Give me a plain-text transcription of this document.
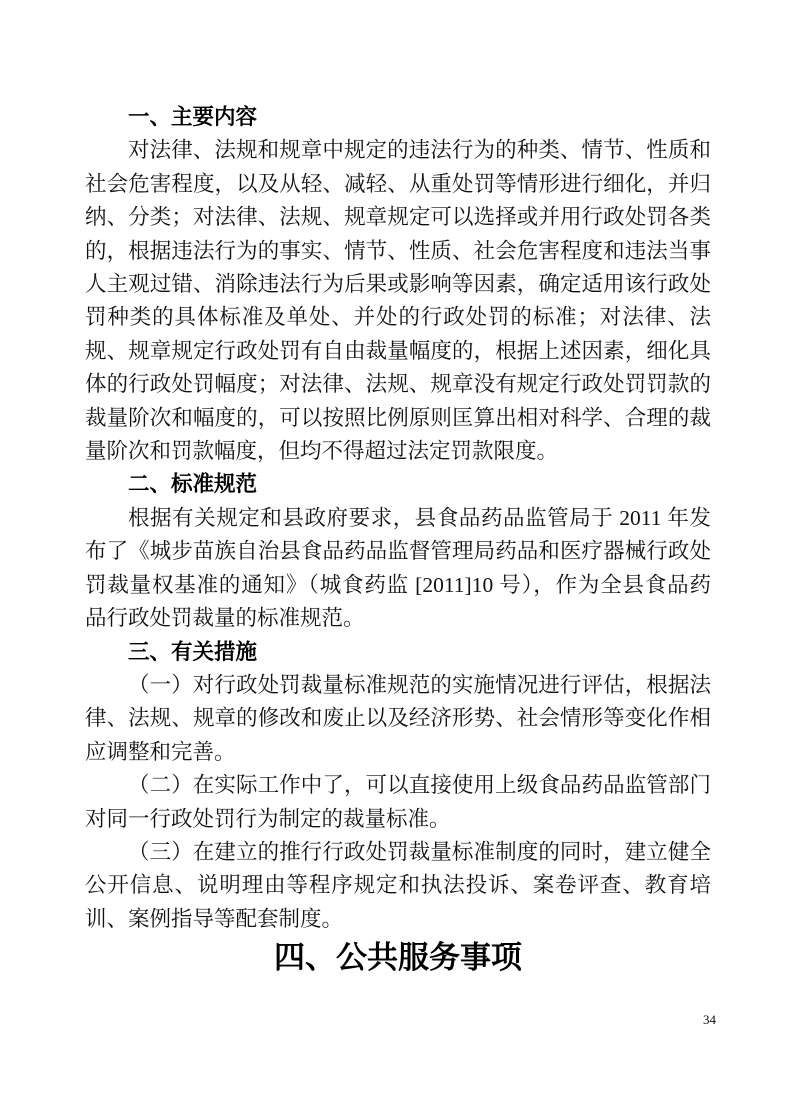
一、主要内容

对法律、法规和规章中规定的违法行为的种类、情节、性质和社会危害程度，以及从轻、减轻、从重处罚等情形进行细化，并归纳、分类；对法律、法规、规章规定可以选择或并用行政处罚各类的，根据违法行为的事实、情节、性质、社会危害程度和违法当事人主观过错、消除违法行为后果或影响等因素，确定适用该行政处罚种类的具体标准及单处、并处的行政处罚的标准；对法律、法规、规章规定行政处罚有自由裁量幅度的，根据上述因素，细化具体的行政处罚幅度；对法律、法规、规章没有规定行政处罚罚款的裁量阶次和幅度的，可以按照比例原则匡算出相对科学、合理的裁量阶次和罚款幅度，但均不得超过法定罚款限度。

二、标准规范

根据有关规定和县政府要求，县食品药品监管局于 2011 年发布了《城步苗族自治县食品药品监督管理局药品和医疗器械行政处罚裁量权基准的通知》（城食药监 [2011]10 号），作为全县食品药品行政处罚裁量的标准规范。

三、有关措施

（一）对行政处罚裁量标准规范的实施情况进行评估，根据法律、法规、规章的修改和废止以及经济形势、社会情形等变化作相应调整和完善。

（二）在实际工作中了，可以直接使用上级食品药品监管部门对同一行政处罚行为制定的裁量标准。

（三）在建立的推行行政处罚裁量标准制度的同时，建立健全公开信息、说明理由等程序规定和执法投诉、案卷评查、教育培训、案例指导等配套制度。

四、公共服务事项
34
